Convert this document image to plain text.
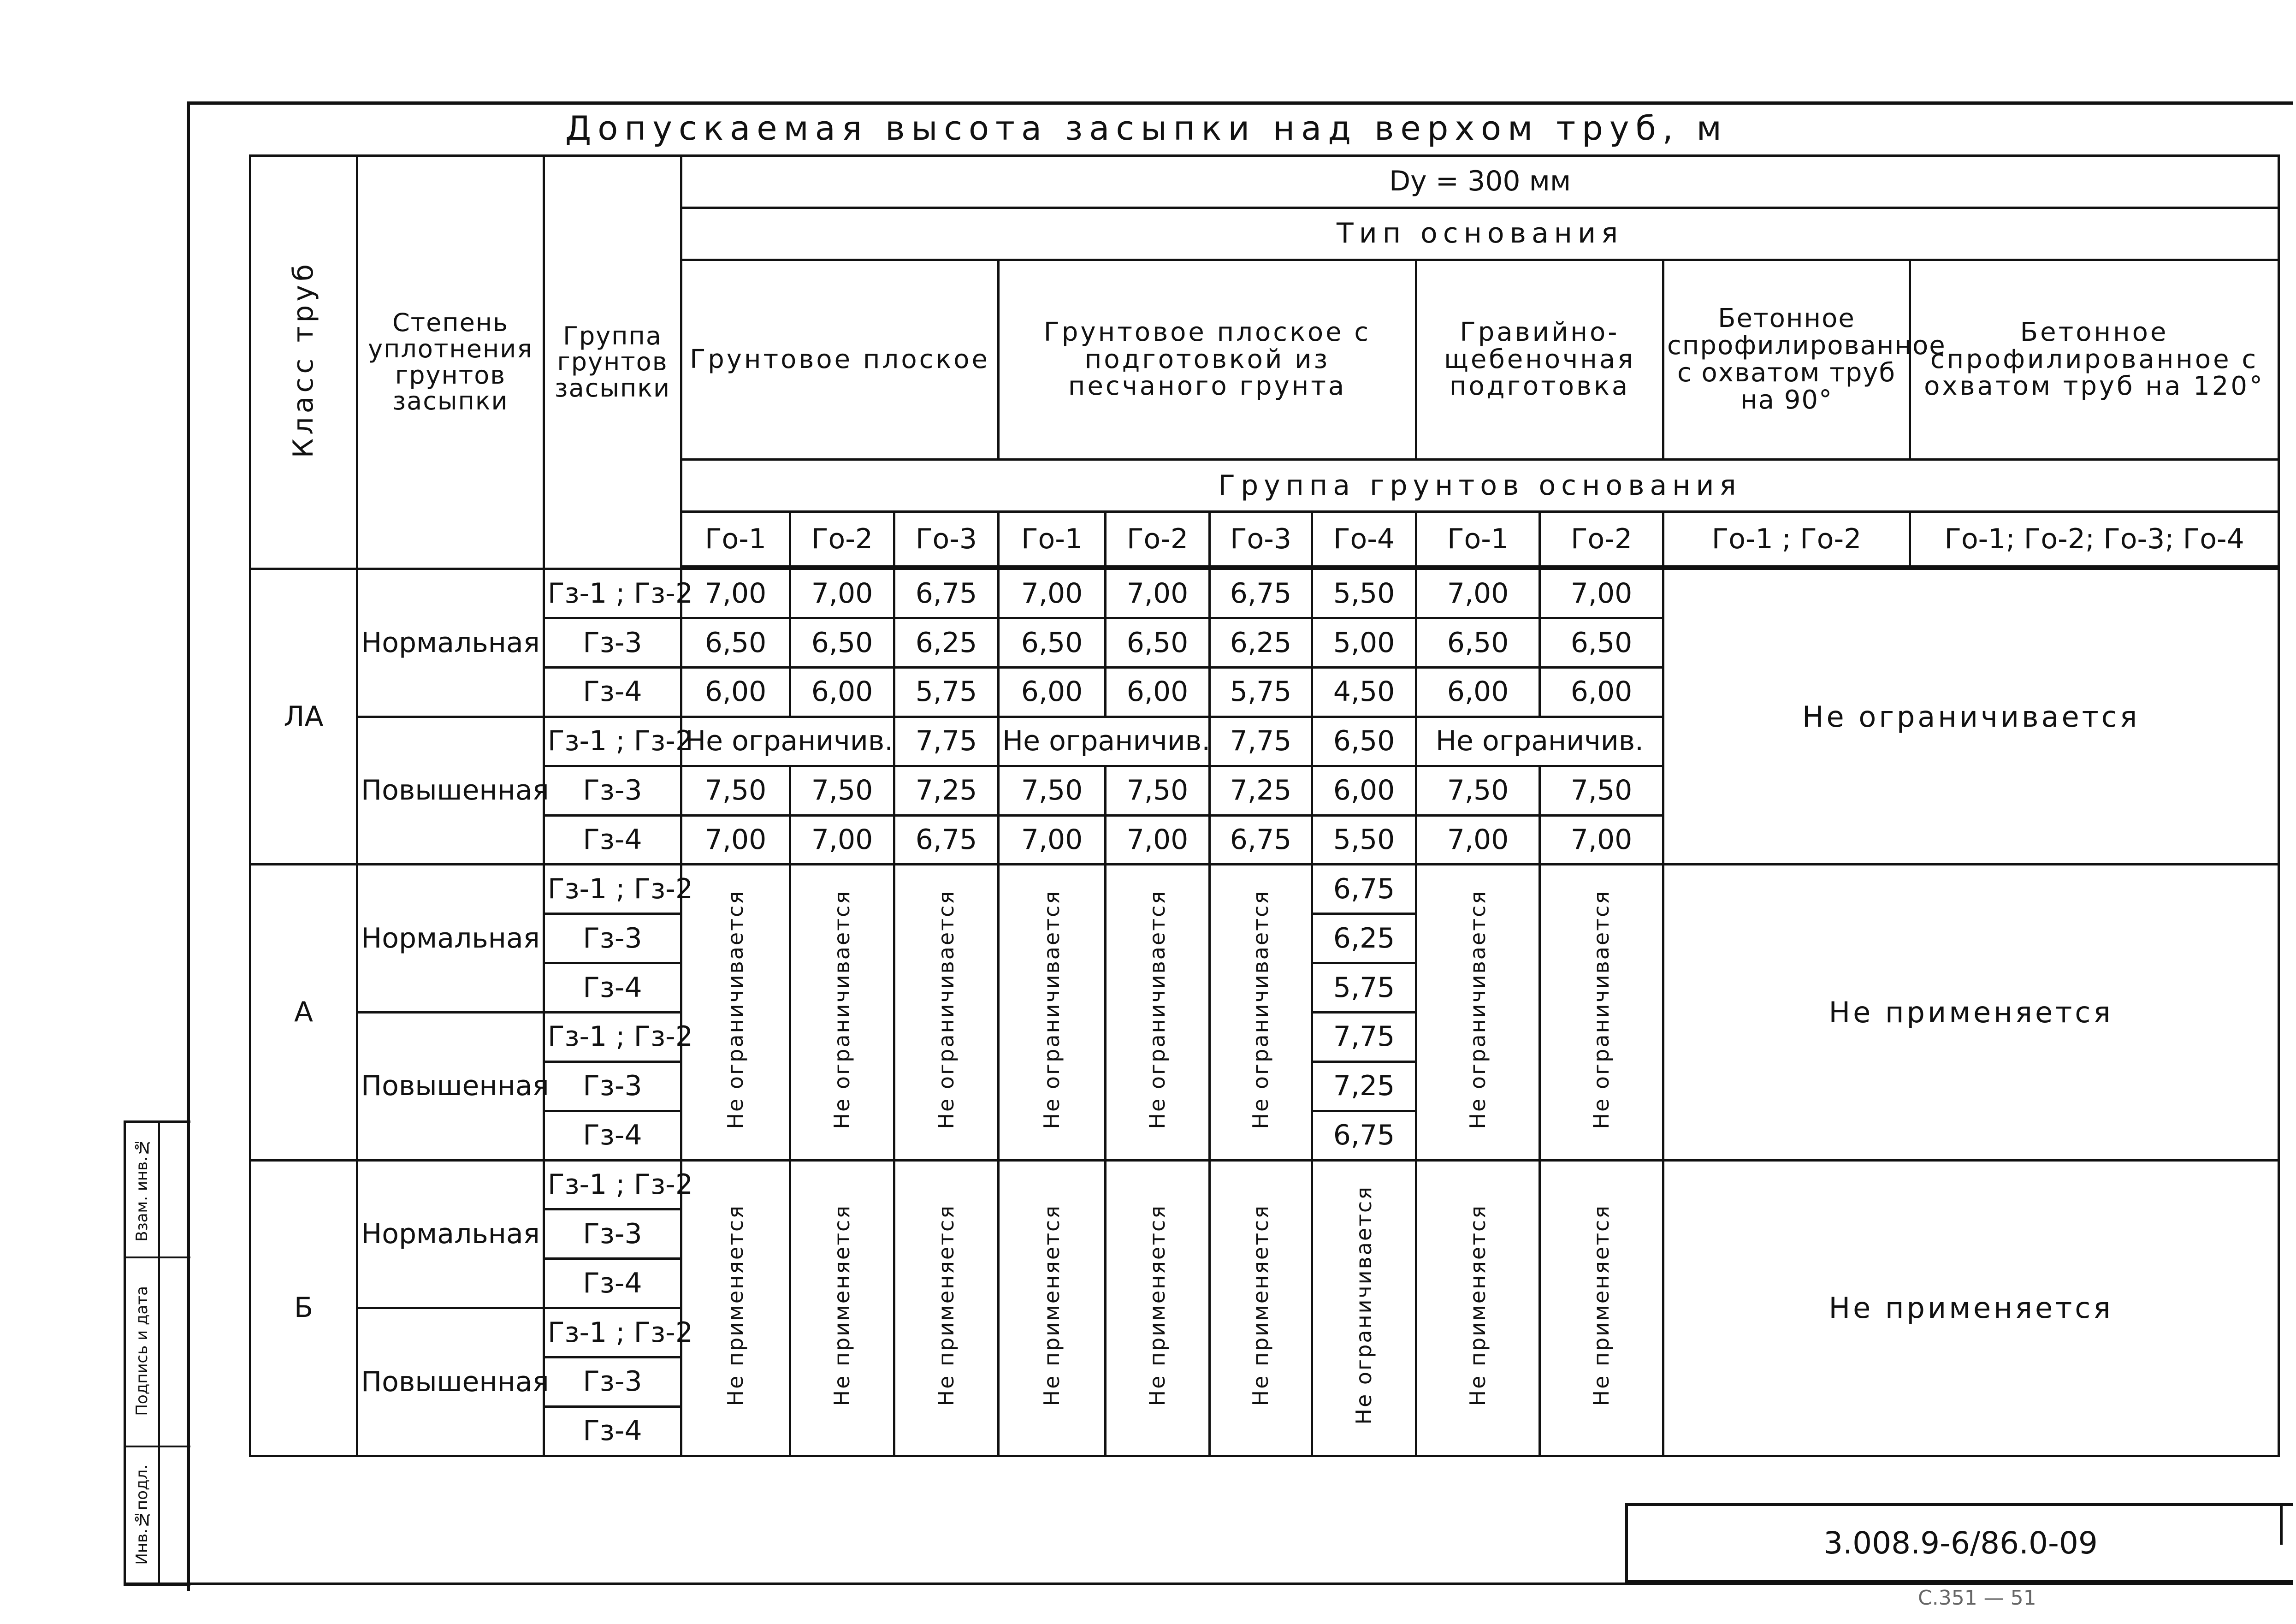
Допускаемая высота засыпки над верхом труб, м
Класс труб	Степень уплотнения грунтов засыпки	Группа грунтов засыпки	Dу = 300 мм										
			Тип основания										
			Грунтовое плоское			Грунтовое плоское с подготовкой из песчаного грунта				Гравийно-щебеночная подготовка		Бетонное спрофилированное с охватом труб на 90°	Бетонное спрофилированное с охватом труб на 120°
			Группа грунтов основания										
			Го-1	Го-2	Го-3	Го-1	Го-2	Го-3	Го-4	Го-1	Го-2	Го-1 ; Го-2	Го-1; Го-2; Го-3; Го-4

ЛА	Нормальная	Гз-1 ; Гз-2	7,00	7,00	6,75	7,00	7,00	6,75	5,50	7,00	7,00	Не ограничивается	
		Гз-3	6,50	6,50	6,25	6,50	6,50	6,25	5,00	6,50	6,50		
		Гз-4	6,00	6,00	5,75	6,00	6,00	5,75	4,50	6,00	6,00		
	Повышенная	Гз-1 ; Гз-2	Не ограничив.		7,75	Не ограничив.		7,75	6,50	Не ограничив.			
		Гз-3	7,50	7,50	7,25	7,50	7,50	7,25	6,00	7,50	7,50		
		Гз-4	7,00	7,00	6,75	7,00	7,00	6,75	5,50	7,00	7,00		
А	Нормальная	Гз-1 ; Гз-2	Не ограничивается	Не ограничивается	Не ограничивается	Не ограничивается	Не ограничивается	Не ограничивается	6,75	Не ограничивается	Не ограничивается	Не применяется	
		Гз-3							6,25				
		Гз-4							5,75				
	Повышенная	Гз-1 ; Гз-2							7,75				
		Гз-3							7,25				
		Гз-4							6,75				
Б	Нормальная	Гз-1 ; Гз-2	Не применяется	Не применяется	Не применяется	Не применяется	Не применяется	Не применяется	Не ограничивается	Не применяется	Не применяется	Не применяется	
		Гз-3											
		Гз-4											
	Повышенная	Гз-1 ; Гз-2											
		Гз-3											
		Гз-4											
Взам. инв.№
Подпись и дата
Инв.№подл.	3.008.9-6/86.0-09
С.351 — 51
